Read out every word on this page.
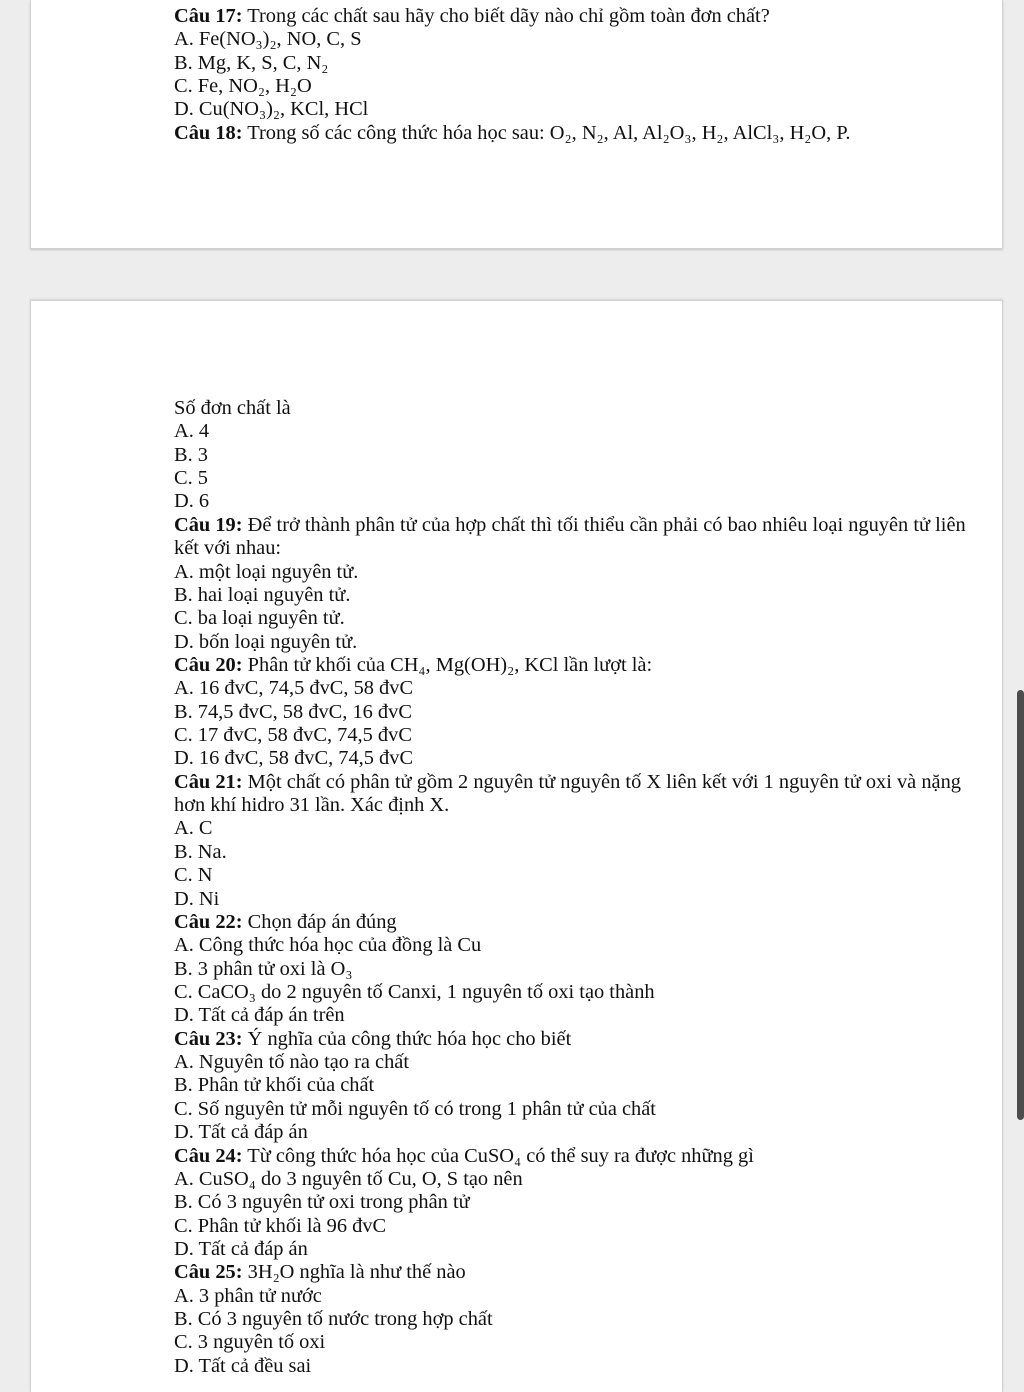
Câu 17: Trong các chất sau hãy cho biết dãy nào chỉ gồm toàn đơn chất?
A. Fe(NO₃)₂, NO, C, S
B. Mg, K, S, C, N₂
C. Fe, NO₂, H₂O
D. Cu(NO₃)₂, KCl, HCl
Câu 18: Trong số các công thức hóa học sau: O₂, N₂, Al, Al₂O₃, H₂, AlCl₃, H₂O, P.
Số đơn chất là
A. 4
B. 3
C. 5
D. 6
Câu 19: Để trở thành phân tử của hợp chất thì tối thiểu cần phải có bao nhiêu loại nguyên tử liên
kết với nhau:
A. một loại nguyên tử.
B. hai loại nguyên tử.
C. ba loại nguyên tử.
D. bốn loại nguyên tử.
Câu 20: Phân tử khối của CH₄, Mg(OH)₂, KCl lần lượt là:
A. 16 đvC, 74,5 đvC, 58 đvC
B. 74,5 đvC, 58 đvC, 16 đvC
C. 17 đvC, 58 đvC, 74,5 đvC
D. 16 đvC, 58 đvC, 74,5 đvC
Câu 21: Một chất có phân tử gồm 2 nguyên tử nguyên tố X liên kết với 1 nguyên tử oxi và nặng
hơn khí hidro 31 lần. Xác định X.
A. C
B. Na.
C. N
D. Ni
Câu 22: Chọn đáp án đúng
A. Công thức hóa học của đồng là Cu
B. 3 phân tử oxi là O₃
C. CaCO₃ do 2 nguyên tố Canxi, 1 nguyên tố oxi tạo thành
D. Tất cả đáp án trên
Câu 23: Ý nghĩa của công thức hóa học cho biết
A. Nguyên tố nào tạo ra chất
B. Phân tử khối của chất
C. Số nguyên tử mỗi nguyên tố có trong 1 phân tử của chất
D. Tất cả đáp án
Câu 24: Từ công thức hóa học của CuSO₄ có thể suy ra được những gì
A. CuSO₄ do 3 nguyên tố Cu, O, S tạo nên
B. Có 3 nguyên tử oxi trong phân tử
C. Phân tử khối là 96 đvC
D. Tất cả đáp án
Câu 25: 3H₂O nghĩa là như thế nào
A. 3 phân tử nước
B. Có 3 nguyên tố nước trong hợp chất
C. 3 nguyên tố oxi
D. Tất cả đều sai
